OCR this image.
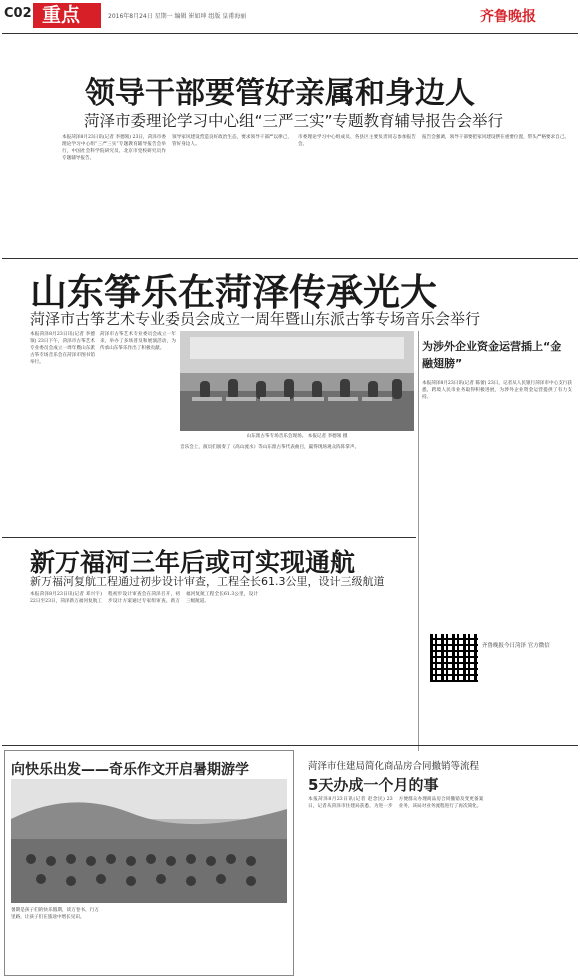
C02 重点	2016年8月24日 星期一 编辑 崔如坤 组版 皇甫海丽	齐鲁晚报
领导干部要管好亲属和身边人
菏泽市委理论学习中心组“三严三实”专题教育辅导报告会举行
本报菏泽8月23日讯(记者 李德领) 23日，菏泽市委理论学习中心组“三严三实”专题教育辅导报告会举行，中国社会科学院研究员、北京市党校研究员作专题辅导报告。
领导家风建设营造良好政治生态，要求领导干部严以律己，管好身边人。
市委理论学习中心组成员、各县区主要负责同志参加报告会。
报告会强调，领导干部要把家风建设摆在重要位置，带头严格要求自己。
山东筝乐在菏泽传承光大
菏泽市古筝艺术专业委员会成立一周年暨山东派古筝专场音乐会举行
本报菏泽8月23日讯(记者 李德领) 23日下午，菏泽市古筝艺术专业委员会成立一周年暨山东派古筝专场音乐会在菏泽市图书馆举行。
菏泽市古筝艺术专业委员会成立一年来，举办了多场普及和展演活动，为传承山东筝乐作出了积极贡献。
山东派古筝专场音乐会现场。 本报记者 李德领 摄
音乐会上，演员们演奏了《高山流水》等山东派古筝代表曲目，赢得现场观众阵阵掌声。
为涉外企业资金运营插上“金融翅膀”
本报菏泽8月23日讯(记者 陈蕾) 23日，记者从人民银行菏泽市中心支行获悉，跨境人民币业务取得积极进展，为涉外企业资金运营提供了有力支持。
齐鲁晚报今日菏泽 官方微信
新万福河三年后或可实现通航
新万福河复航工程通过初步设计审查，工程全长61.3公里，设计三级航道
本报菏泽8月23日讯(记者 邓兴宇) 22日至23日，菏泽新万福河复航工程初步设计审查会在菏泽召开，初步设计方案通过专家组审查。新万福河复航工程全长61.3公里，设计三级航道。
向快乐出发——奇乐作文开启暑期游学
暑期是孩子们的快乐假期，读万卷书，行万里路，让孩子们在旅途中增长见识。
菏泽市住建局简化商品房合同撤销等流程
5天办成一个月的事
本报菏泽8月23日讯(记者 赵念民) 23日，记者从菏泽市住建局获悉，为进一步方便群众办理商品房合同撤销及变更备案业务，该局对业务流程进行了再次简化。
